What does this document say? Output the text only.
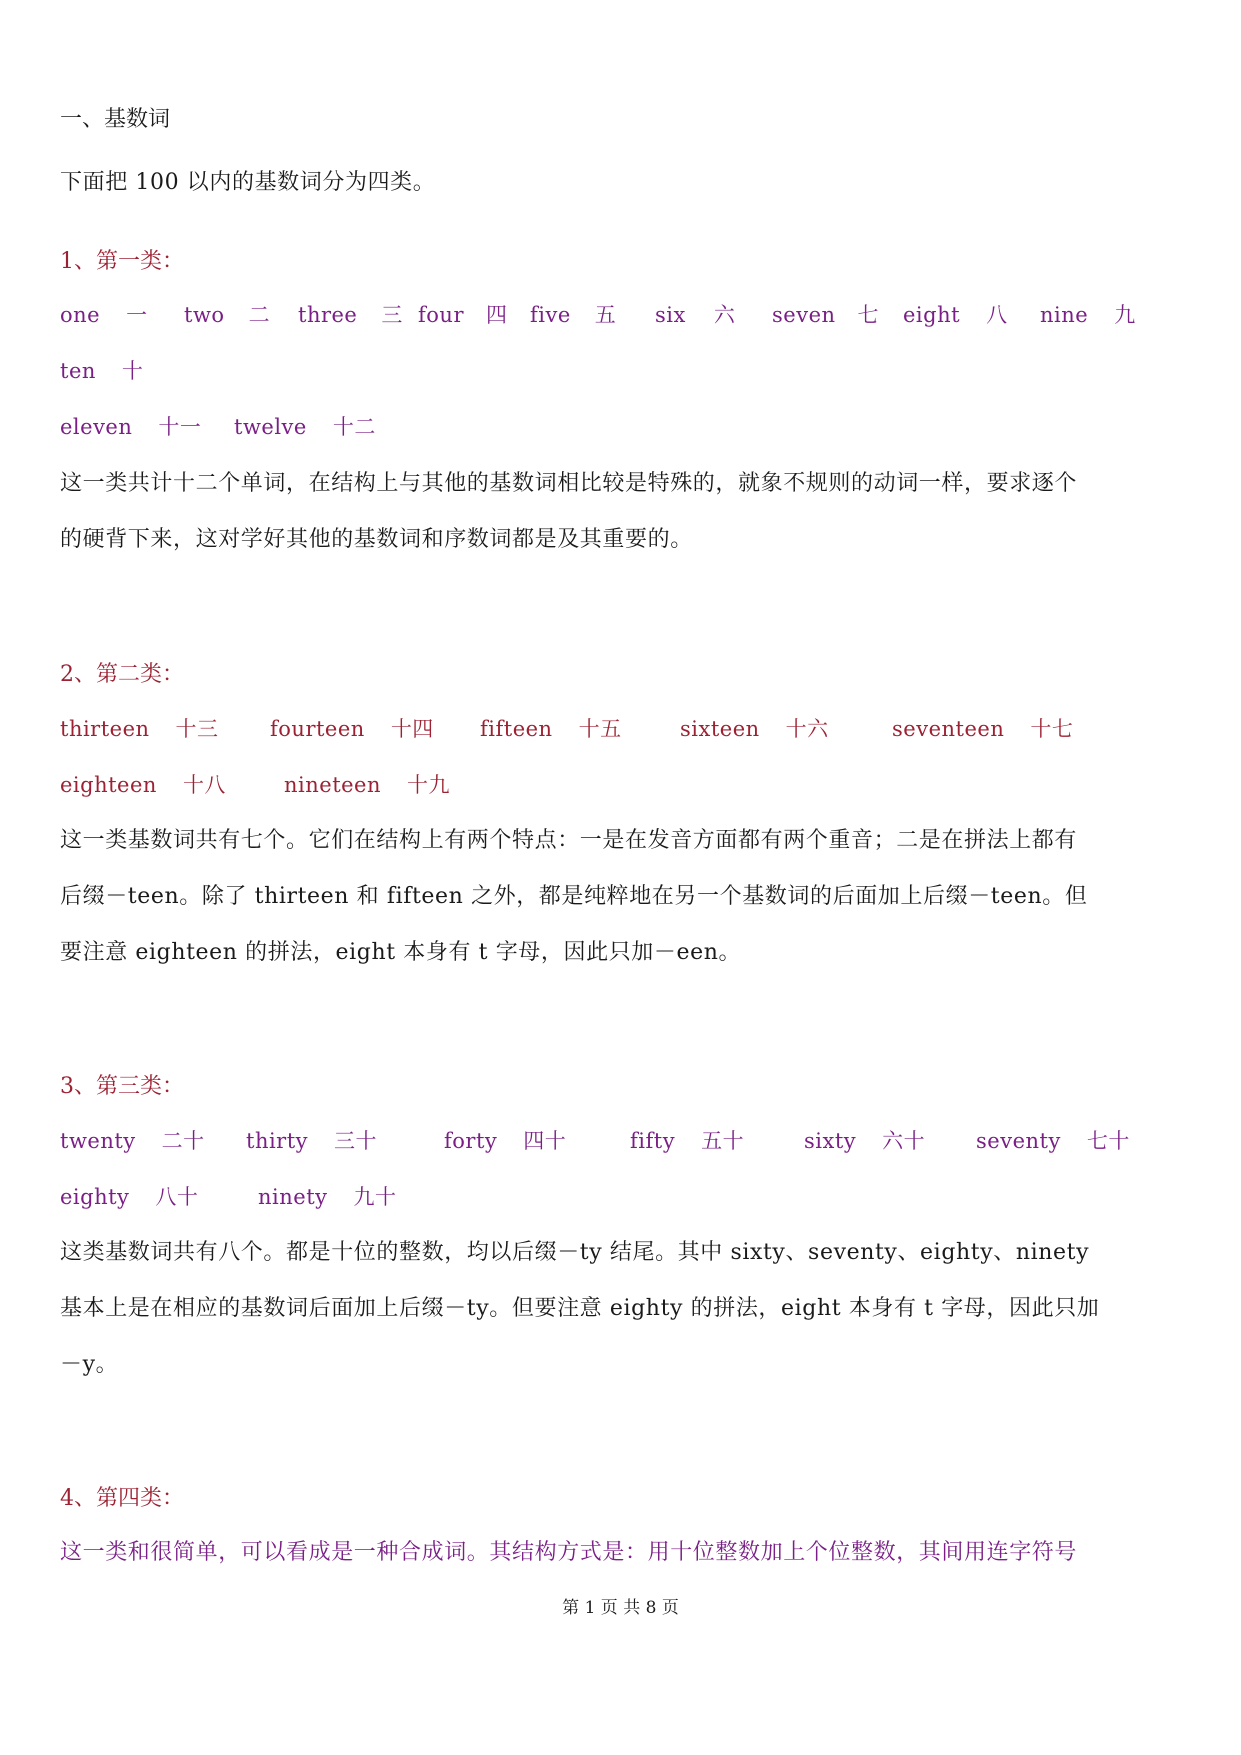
一、基数词
下面把 100 以内的基数词分为四类。
1、第一类：
one 一 two 二 three 三 four 四 five 五 six 六 seven 七 eight 八 nine 九
ten 十
eleven 十一 twelve 十二
这一类共计十二个单词，在结构上与其他的基数词相比较是特殊的，就象不规则的动词一样，要求逐个
的硬背下来，这对学好其他的基数词和序数词都是及其重要的。
2、第二类：
thirteen 十三 fourteen 十四 fifteen 十五	sixteen 十六	seventeen 十七
eighteen 十八	nineteen 十九
这一类基数词共有七个。它们在结构上有两个特点：一是在发音方面都有两个重音；二是在拼法上都有
后缀－teen。除了 thirteen 和 fifteen 之外，都是纯粹地在另一个基数词的后面加上后缀－teen。但
要注意 eighteen 的拼法，eight 本身有 t 字母，因此只加－een。
3、第三类：
twenty 二十 thirty 三十	forty 四十	fifty 五十	sixty 六十 seventy 七十
eighty 八十	ninety 九十
这类基数词共有八个。都是十位的整数，均以后缀－ty 结尾。其中 sixty、seventy、eighty、ninety
基本上是在相应的基数词后面加上后缀－ty。但要注意 eighty 的拼法，eight 本身有 t 字母，因此只加
－y。
4、第四类：
这一类和很简单，可以看成是一种合成词。其结构方式是：用十位整数加上个位整数，其间用连字符号
第 1 页 共 8 页
